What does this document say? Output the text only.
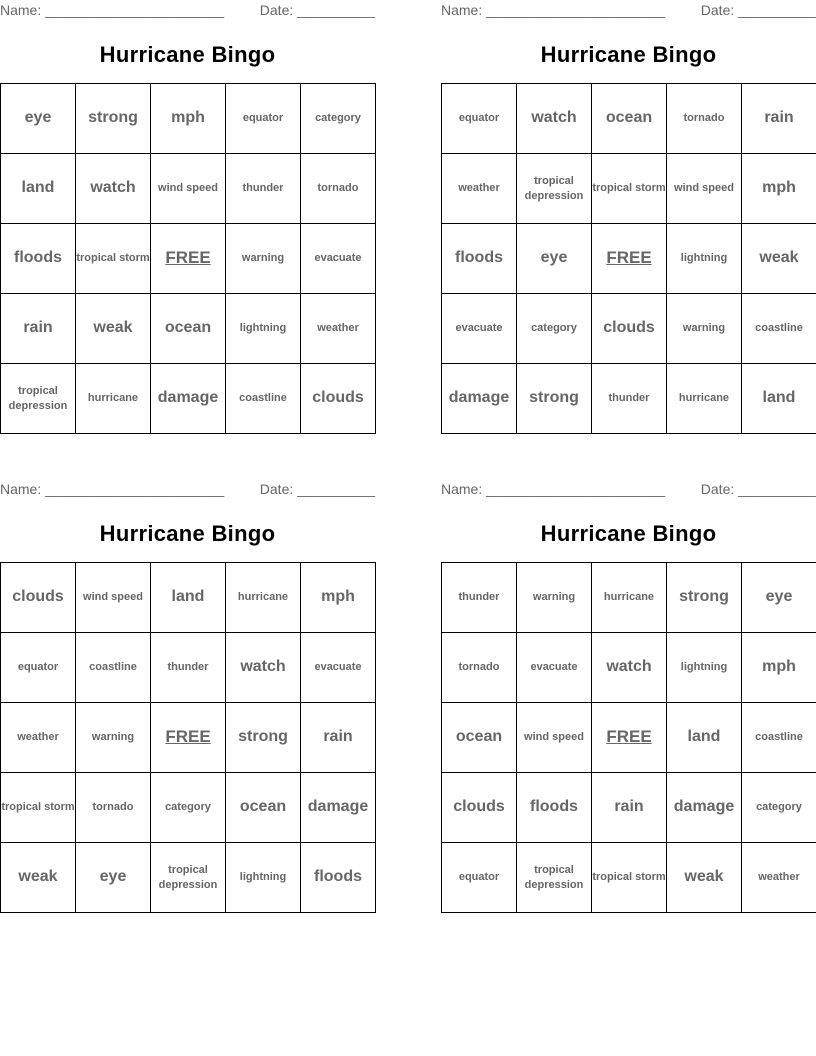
Name: _______________________	Date: __________
Hurricane Bingo
eye	strong	mph	equator	category
land	watch	wind speed	thunder	tornado
floods	tropical storm	FREE	warning	evacuate
rain	weak	ocean	lightning	weather
tropical depression	hurricane	damage	coastline	clouds
Name: _______________________	Date: __________
Hurricane Bingo
equator	watch	ocean	tornado	rain
weather	tropical depression	tropical storm	wind speed	mph
floods	eye	FREE	lightning	weak
evacuate	category	clouds	warning	coastline
damage	strong	thunder	hurricane	land
Name: _______________________	Date: __________
Hurricane Bingo
clouds	wind speed	land	hurricane	mph
equator	coastline	thunder	watch	evacuate
weather	warning	FREE	strong	rain
tropical storm	tornado	category	ocean	damage
weak	eye	tropical depression	lightning	floods
Name: _______________________	Date: __________
Hurricane Bingo
thunder	warning	hurricane	strong	eye
tornado	evacuate	watch	lightning	mph
ocean	wind speed	FREE	land	coastline
clouds	floods	rain	damage	category
equator	tropical depression	tropical storm	weak	weather
